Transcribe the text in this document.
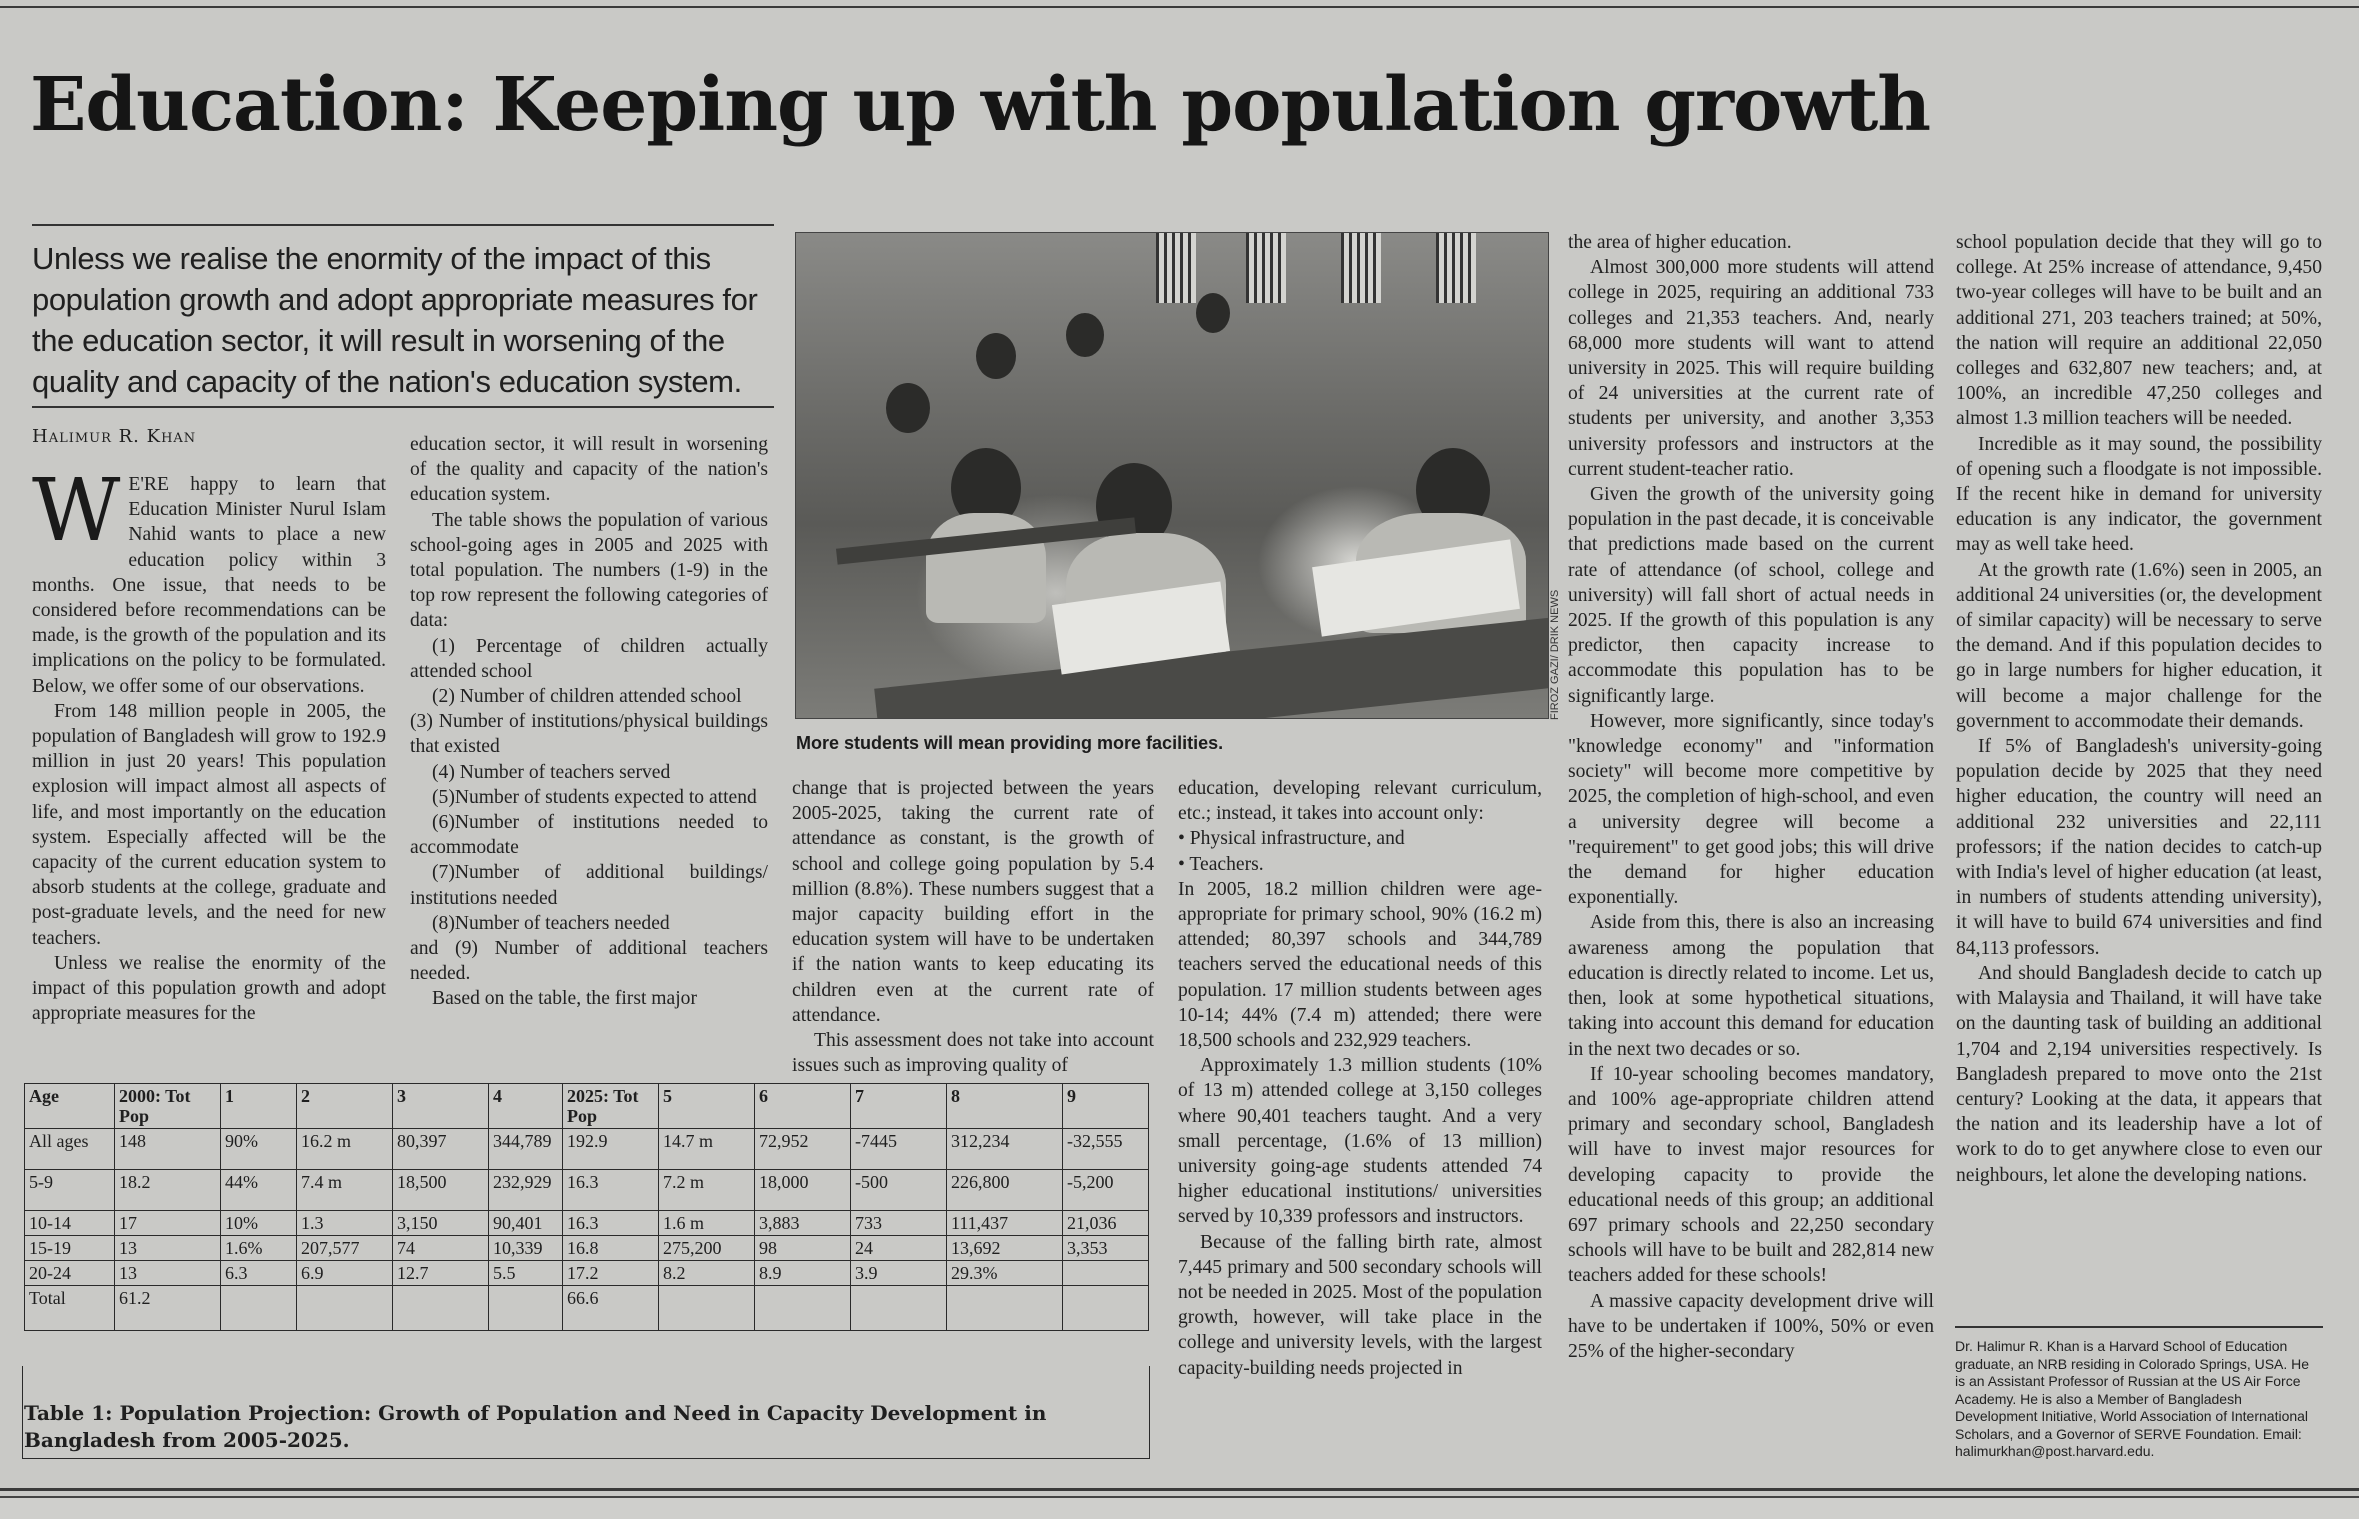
Education: Keeping up with population growth
Unless we realise the enormity of the impact of this population growth and adopt appropriate measures for the education sector, it will result in worsening of the quality and capacity of the nation's education system.
Halimur R. Khan
W E'RE happy to learn that Education Minister Nurul Islam Nahid wants to place a new education policy within 3 months. One issue, that needs to be considered before recommendations can be made, is the growth of the population and its implications on the policy to be formulated. Below, we offer some of our observations.

From 148 million people in 2005, the population of Bangladesh will grow to 192.9 million in just 20 years! This population explosion will impact almost all aspects of life, and most importantly on the education system. Especially affected will be the capacity of the current education system to absorb students at the college, graduate and post-graduate levels, and the need for new teachers.

Unless we realise the enormity of the impact of this population growth and adopt appropriate measures for the

education sector, it will result in worsening of the quality and capacity of the nation's education system.

The table shows the population of various school-going ages in 2005 and 2025 with total population. The numbers (1-9) in the top row represent the following categories of data:

(1) Percentage of children actually attended school

(2) Number of children attended school

(3) Number of institutions/physical buildings that existed

(4) Number of teachers served

(5)Number of students expected to attend

(6)Number of institutions needed to accommodate

(7)Number of additional buildings/ institutions needed

(8)Number of teachers needed

and (9) Number of additional teachers needed.

Based on the table, the first major

FIROZ GAZI/ DRIK NEWS
More students will mean providing more facilities.

change that is projected between the years 2005-2025, taking the current rate of attendance as constant, is the growth of school and college going population by 5.4 million (8.8%). These numbers suggest that a major capacity building effort in the education system will have to be undertaken if the nation wants to keep educating its children even at the current rate of attendance.

This assessment does not take into account issues such as improving quality of

education, developing relevant curriculum, etc.; instead, it takes into account only:

• Physical infrastructure, and
• Teachers.

In 2005, 18.2 million children were age-appropriate for primary school, 90% (16.2 m) attended; 80,397 schools and 344,789 teachers served the educational needs of this population. 17 million students between ages 10-14; 44% (7.4 m) attended; there were 18,500 schools and 232,929 teachers.

Approximately 1.3 million students (10% of 13 m) attended college at 3,150 colleges where 90,401 teachers taught. And a very small percentage, (1.6% of 13 million) university going-age students attended 74 higher educational institutions/ universities served by 10,339 professors and instructors.

Because of the falling birth rate, almost 7,445 primary and 500 secondary schools will not be needed in 2025. Most of the population growth, however, will take place in the college and university levels, with the largest capacity-building needs projected in

the area of higher education.

Almost 300,000 more students will attend college in 2025, requiring an additional 733 colleges and 21,353 teachers. And, nearly 68,000 more students will want to attend university in 2025. This will require building of 24 universities at the current rate of students per university, and another 3,353 university professors and instructors at the current student-teacher ratio.

Given the growth of the university going population in the past decade, it is conceivable that predictions made based on the current rate of attendance (of school, college and university) will fall short of actual needs in 2025. If the growth of this population is any predictor, then capacity increase to accommodate this population has to be significantly large.

However, more significantly, since today's "knowledge economy" and "information society" will become more competitive by 2025, the completion of high-school, and even a university degree will become a "requirement" to get good jobs; this will drive the demand for higher education exponentially.

Aside from this, there is also an increasing awareness among the population that education is directly related to income. Let us, then, look at some hypothetical situations, taking into account this demand for education in the next two decades or so.

If 10-year schooling becomes mandatory, and 100% age-appropriate children attend primary and secondary school, Bangladesh will have to invest major resources for developing capacity to provide the educational needs of this group; an additional 697 primary schools and 22,250 secondary schools will have to be built and 282,814 new teachers added for these schools!

A massive capacity development drive will have to be undertaken if 100%, 50% or even 25% of the higher-secondary

school population decide that they will go to college. At 25% increase of attendance, 9,450 two-year colleges will have to be built and an additional 271, 203 teachers trained; at 50%, the nation will require an additional 22,050 colleges and 632,807 new teachers; and, at 100%, an incredible 47,250 colleges and almost 1.3 million teachers will be needed.

Incredible as it may sound, the possibility of opening such a floodgate is not impossible. If the recent hike in demand for university education is any indicator, the government may as well take heed.

At the growth rate (1.6%) seen in 2005, an additional 24 universities (or, the development of similar capacity) will be necessary to serve the demand. And if this population decides to go in large numbers for higher education, it will become a major challenge for the government to accommodate their demands.

If 5% of Bangladesh's university-going population decide by 2025 that they need higher education, the country will need an additional 232 universities and 22,111 professors; if the nation decides to catch-up with India's level of higher education (at least, in numbers of students attending university), it will have to build 674 universities and find 84,113 professors.

And should Bangladesh decide to catch up with Malaysia and Thailand, it will have take on the daunting task of building an additional 1,704 and 2,194 universities respectively. Is Bangladesh prepared to move onto the 21st century? Looking at the data, it appears that the nation and its leadership have a lot of work to do to get anywhere close to even our neighbours, let alone the developing nations.

Dr. Halimur R. Khan is a Harvard School of Education graduate, an NRB residing in Colorado Springs, USA. He is an Assistant Professor of Russian at the US Air Force Academy. He is also a Member of Bangladesh Development Initiative, World Association of International Scholars, and a Governor of SERVE Foundation. Email: halimurkhan@post.harvard.edu.
Age	2000: Tot Pop	1	2	3	4	2025: Tot Pop	5	6	7	8	9
All ages	148	90%	16.2 m	80,397	344,789	192.9	14.7 m	72,952	-7445	312,234	-32,555
5-9	18.2	44%	7.4 m	18,500	232,929	16.3	7.2 m	18,000	-500	226,800	-5,200
10-14	17	10%	1.3	3,150	90,401	16.3	1.6 m	3,883	733	111,437	21,036
15-19	13	1.6%	207,577	74	10,339	16.8	275,200	98	24	13,692	3,353
20-24	13	6.3	6.9	12.7	5.5	17.2	8.2	8.9	3.9	29.3%	
Total	61.2					66.6					
Table 1: Population Projection: Growth of Population and Need in Capacity Development in Bangladesh from 2005-2025.
